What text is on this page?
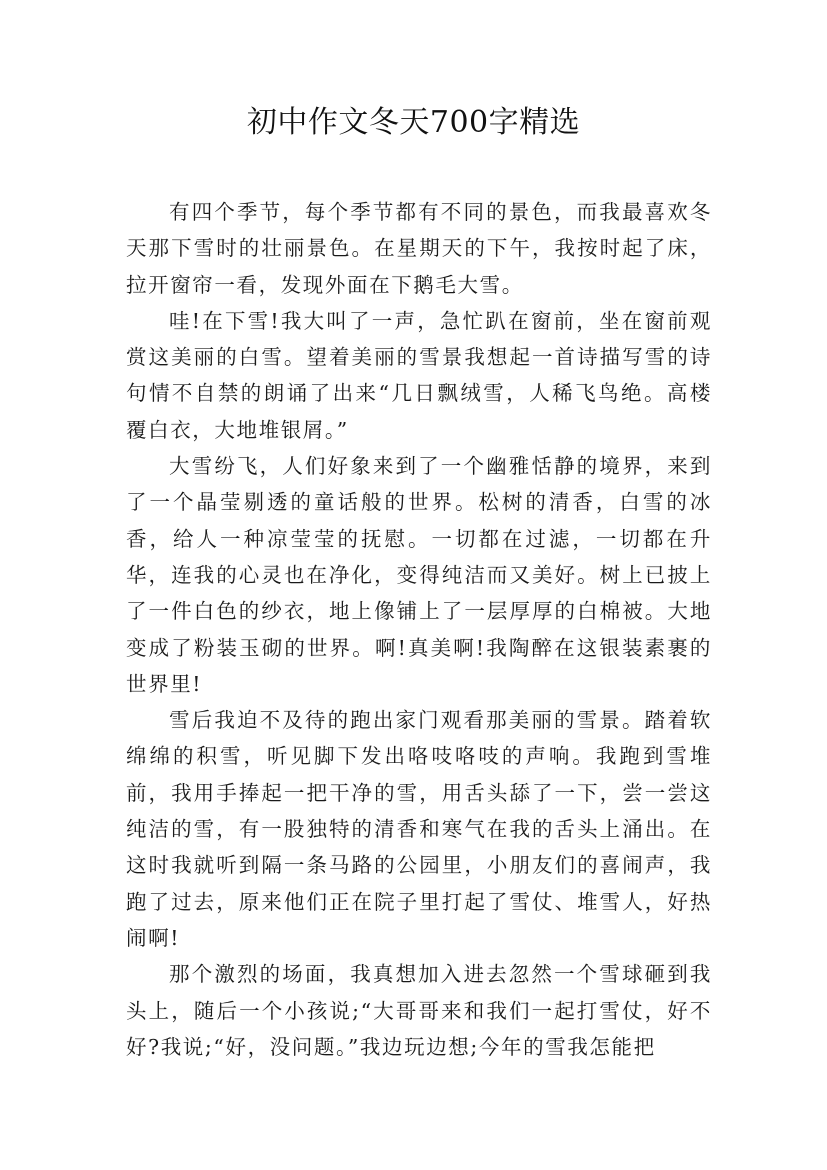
初中作文冬天700字精选

有四个季节，每个季节都有不同的景色，而我最喜欢冬天那下雪时的壮丽景色。在星期天的下午，我按时起了床，拉开窗帘一看，发现外面在下鹅毛大雪。

哇!在下雪!我大叫了一声，急忙趴在窗前，坐在窗前观赏这美丽的白雪。望着美丽的雪景我想起一首诗描写雪的诗句情不自禁的朗诵了出来“几日飘绒雪，人稀飞鸟绝。高楼覆白衣，大地堆银屑。”

大雪纷飞，人们好象来到了一个幽雅恬静的境界，来到了一个晶莹剔透的童话般的世界。松树的清香，白雪的冰香，给人一种凉莹莹的抚慰。一切都在过滤，一切都在升华，连我的心灵也在净化，变得纯洁而又美好。树上已披上了一件白色的纱衣，地上像铺上了一层厚厚的白棉被。大地变成了粉装玉砌的世界。啊!真美啊!我陶醉在这银装素裹的世界里!

雪后我迫不及待的跑出家门观看那美丽的雪景。踏着软绵绵的积雪，听见脚下发出咯吱咯吱的声响。我跑到雪堆前，我用手捧起一把干净的雪，用舌头舔了一下，尝一尝这纯洁的雪，有一股独特的清香和寒气在我的舌头上涌出。在这时我就听到隔一条马路的公园里，小朋友们的喜闹声，我跑了过去，原来他们正在院子里打起了雪仗、堆雪人，好热闹啊!

那个激烈的场面，我真想加入进去忽然一个雪球砸到我头上，随后一个小孩说;“大哥哥来和我们一起打雪仗，好不好?我说;“好，没问题。”我边玩边想;今年的雪我怎能把
